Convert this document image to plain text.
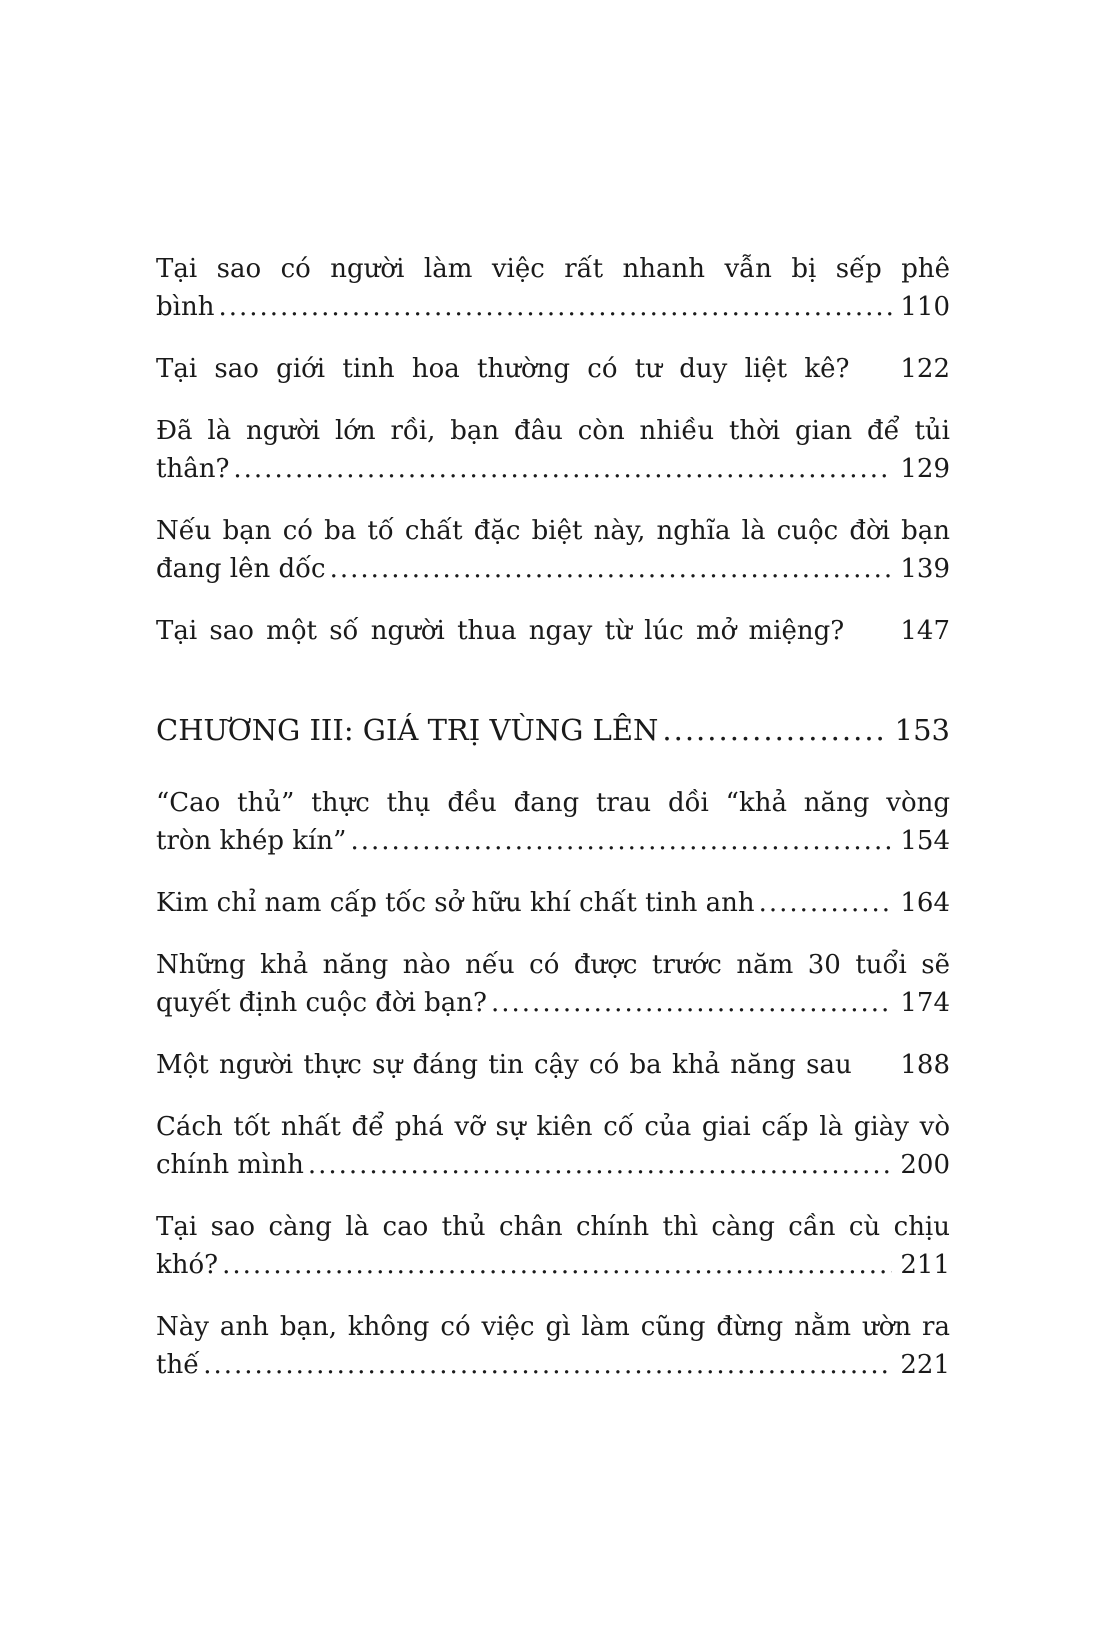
Tại sao có người làm việc rất nhanh vẫn bị sếp phê
bình .....	110
Tại sao giới tinh hoa thường có tư duy liệt kê? 122
Đã là người lớn rồi, bạn đâu còn nhiều thời gian để tủi
thân? .....	129
Nếu bạn có ba tố chất đặc biệt này, nghĩa là cuộc đời bạn
đang lên dốc .....	139
Tại sao một số người thua ngay từ lúc mở miệng? 147
CHƯƠNG III: GIÁ TRỊ VÙNG LÊN .....	153
“Cao thủ” thực thụ đều đang trau dồi “khả năng vòng
tròn khép kín” .....	154
Kim chỉ nam cấp tốc sở hữu khí chất tinh anh .....	164
Những khả năng nào nếu có được trước năm 30 tuổi sẽ
quyết định cuộc đời bạn? .....	174
Một người thực sự đáng tin cậy có ba khả năng sau 188
Cách tốt nhất để phá vỡ sự kiên cố của giai cấp là giày vò
chính mình .....	200
Tại sao càng là cao thủ chân chính thì càng cần cù chịu
khó? .....	211
Này anh bạn, không có việc gì làm cũng đừng nằm ườn ra
thế .....	221
